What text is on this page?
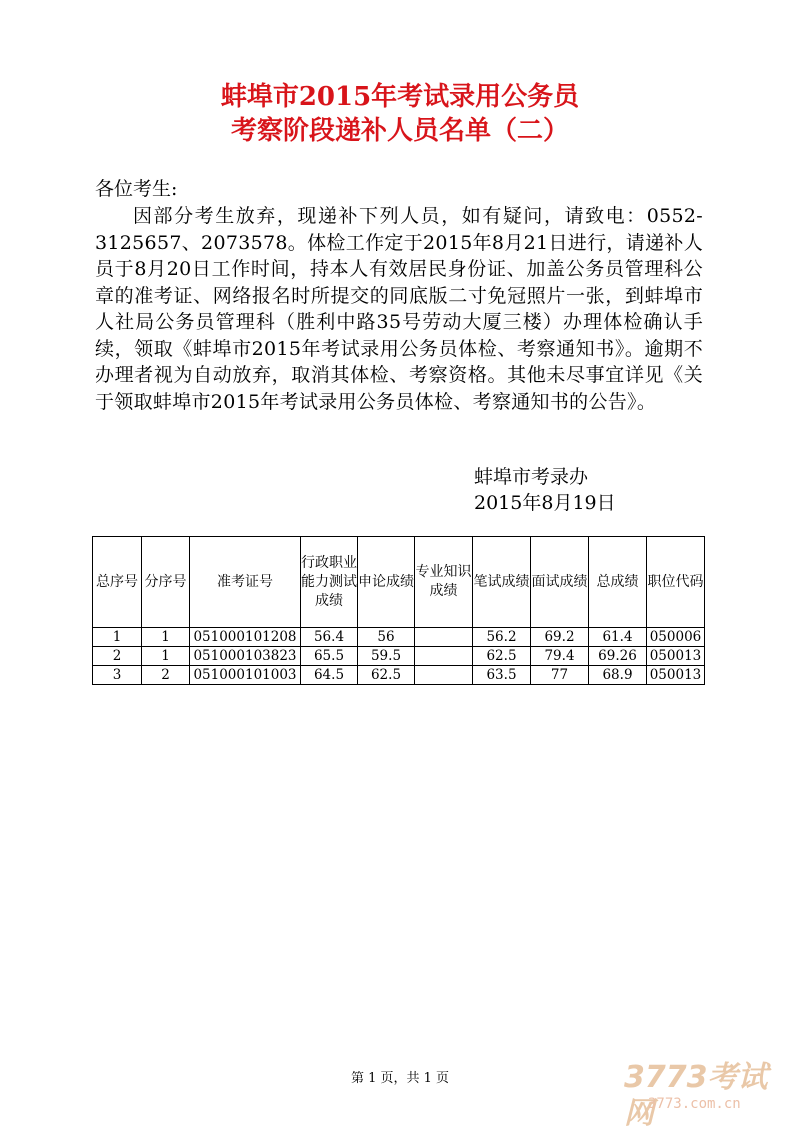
蚌埠市2015年考试录用公务员
考察阶段递补人员名单（二）
各位考生:
因部分考生放弃，现递补下列人员，如有疑问，请致电：0552-3125657、2073578。体检工作定于2015年8月21日进行，请递补人员于8月20日工作时间，持本人有效居民身份证、加盖公务员管理科公章的准考证、网络报名时所提交的同底版二寸免冠照片一张，到蚌埠市人社局公务员管理科（胜利中路35号劳动大厦三楼）办理体检确认手续，领取《蚌埠市2015年考试录用公务员体检、考察通知书》。逾期不办理者视为自动放弃，取消其体检、考察资格。其他未尽事宜详见《关于领取蚌埠市2015年考试录用公务员体检、考察通知书的公告》。
蚌埠市考录办
2015年8月19日
总序号	分序号	准考证号	行政职业能力测试成绩	申论成绩	专业知识成绩	笔试成绩	面试成绩	总成绩	职位代码
1	1	051000101208	56.4	56		56.2	69.2	61.4	050006
2	1	051000103823	65.5	59.5		62.5	79.4	69.26	050013
3	2	051000101003	64.5	62.5		63.5	77	68.9	050013
第 1 页，共 1 页	3773考试网
3773.com.cn
